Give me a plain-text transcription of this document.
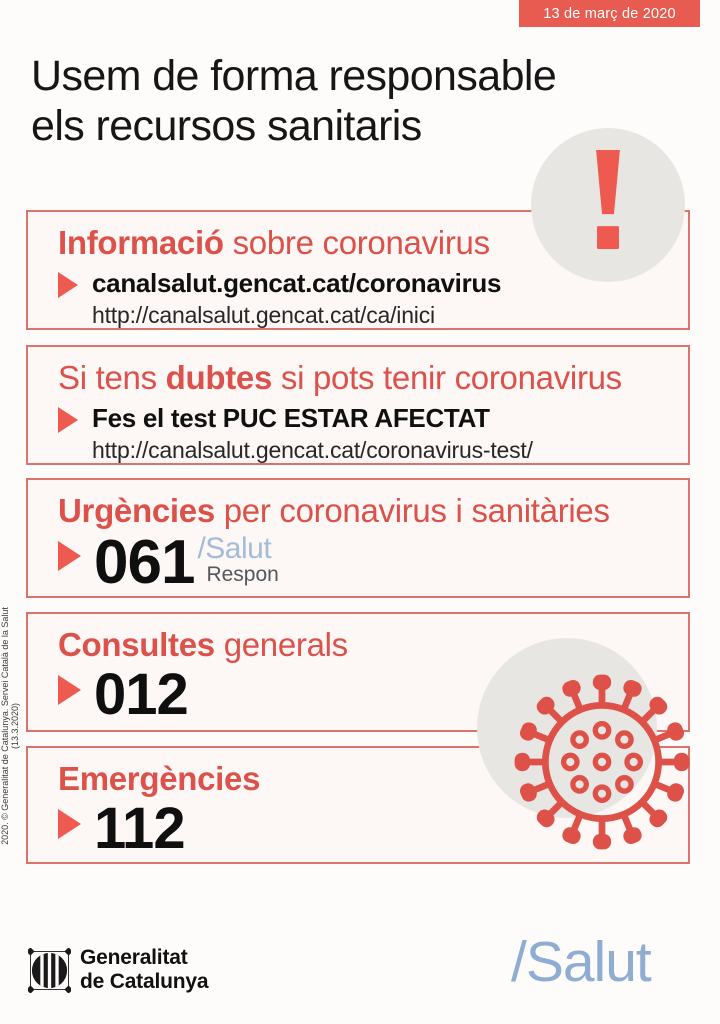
13 de març de 2020
Usem de forma responsable
els recursos sanitaris
Informació sobre coronavirus
canalsalut.gencat.cat/coronavirus
http://canalsalut.gencat.cat/ca/inici
Si tens dubtes si pots tenir coronavirus
Fes el test PUC ESTAR AFECTAT
http://canalsalut.gencat.cat/coronavirus-test/
Urgències per coronavirus i sanitàries
061 /Salut
Respon
Consultes generals
012
Emergències
112
2020. © Generalitat de Catalunya. Servei Català de la Salut (13.3.2020)
Generalitat
de Catalunya	/Salut
